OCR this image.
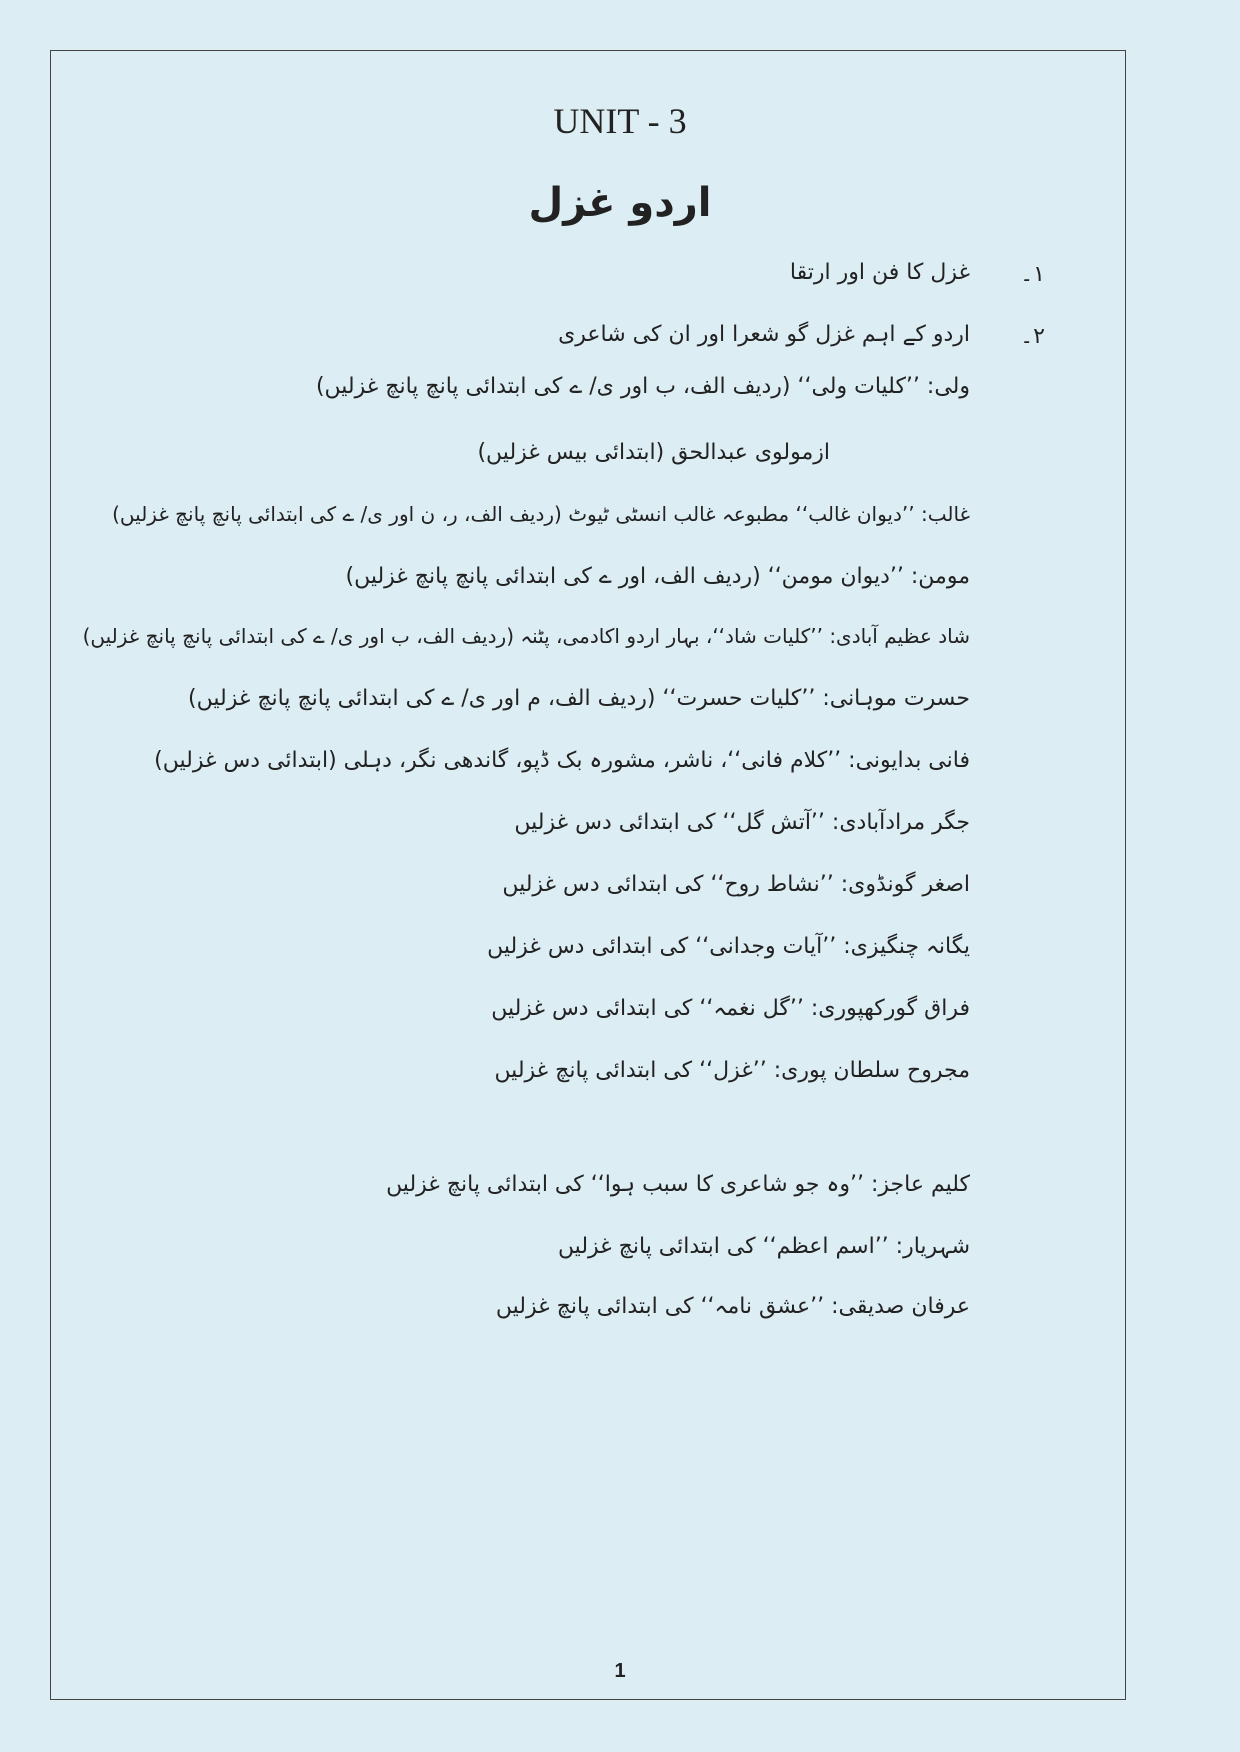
UNIT - 3
اردو غزل
۱۔
غزل کا فن اور ارتقا
۲۔
اردو کے اہم غزل گو شعرا اور ان کی شاعری
ولی: ’’کلیات ولی‘‘ (ردیف الف، ب اور ی/ ے کی ابتدائی پانچ پانچ غزلیں)
ازمولوی عبدالحق (ابتدائی بیس غزلیں)
غالب: ’’دیوان غالب‘‘ مطبوعہ غالب انسٹی ٹیوٹ (ردیف الف، ر، ن اور ی/ ے کی ابتدائی پانچ پانچ غزلیں)
مومن: ’’دیوان مومن‘‘ (ردیف الف، اور ے کی ابتدائی پانچ پانچ غزلیں)
شاد عظیم آبادی: ’’کلیات شاد‘‘، بہار اردو اکادمی، پٹنہ (ردیف الف، ب اور ی/ ے کی ابتدائی پانچ پانچ غزلیں)
حسرت موہانی: ’’کلیات حسرت‘‘ (ردیف الف، م اور ی/ ے کی ابتدائی پانچ پانچ غزلیں)
فانی بدایونی: ’’کلام فانی‘‘، ناشر، مشورہ بک ڈپو، گاندھی نگر، دہلی (ابتدائی دس غزلیں)
جگر مرادآبادی: ’’آتش گل‘‘ کی ابتدائی دس غزلیں
اصغر گونڈوی: ’’نشاط روح‘‘ کی ابتدائی دس غزلیں
یگانہ چنگیزی: ’’آیات وجدانی‘‘ کی ابتدائی دس غزلیں
فراق گورکھپوری: ’’گل نغمہ‘‘ کی ابتدائی دس غزلیں
مجروح سلطان پوری: ’’غزل‘‘ کی ابتدائی پانچ غزلیں
کلیم عاجز: ’’وہ جو شاعری کا سبب ہوا‘‘ کی ابتدائی پانچ غزلیں
شہریار: ’’اسم اعظم‘‘ کی ابتدائی پانچ غزلیں
عرفان صدیقی: ’’عشق نامہ‘‘ کی ابتدائی پانچ غزلیں
1
